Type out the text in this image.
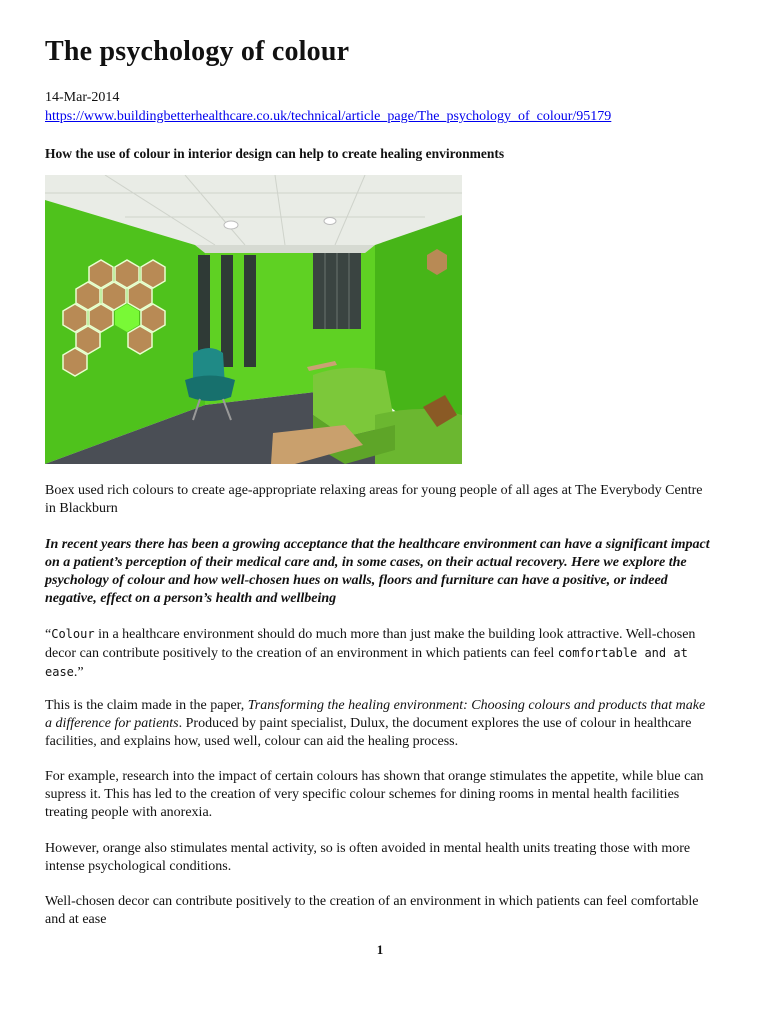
The psychology of colour
14-Mar-2014
https://www.buildingbetterhealthcare.co.uk/technical/article_page/The_psychology_of_colour/95179
How the use of colour in interior design can help to create healing environments

Boex used rich colours to create age-appropriate relaxing areas for young people of all ages at The Everybody Centre in Blackburn

In recent years there has been a growing acceptance that the healthcare environment can have a significant impact on a patient’s perception of their medical care and, in some cases, on their actual recovery. Here we explore the psychology of colour and how well-chosen hues on walls, floors and furniture can have a positive, or indeed negative, effect on a person’s health and wellbeing

“Colour in a healthcare environment should do much more than just make the building look attractive. Well-chosen decor can contribute positively to the creation of an environment in which patients can feel comfortable and at ease.”

This is the claim made in the paper, Transforming the healing environment: Choosing colours and products that make a difference for patients. Produced by paint specialist, Dulux, the document explores the use of colour in healthcare facilities, and explains how, used well, colour can aid the healing process.

For example, research into the impact of certain colours has shown that orange stimulates the appetite, while blue can supress it. This has led to the creation of very specific colour schemes for dining rooms in mental health facilities treating people with anorexia.

However, orange also stimulates mental activity, so is often avoided in mental health units treating those with more intense psychological conditions.

Well-chosen decor can contribute positively to the creation of an environment in which patients can feel comfortable and at ease

1
